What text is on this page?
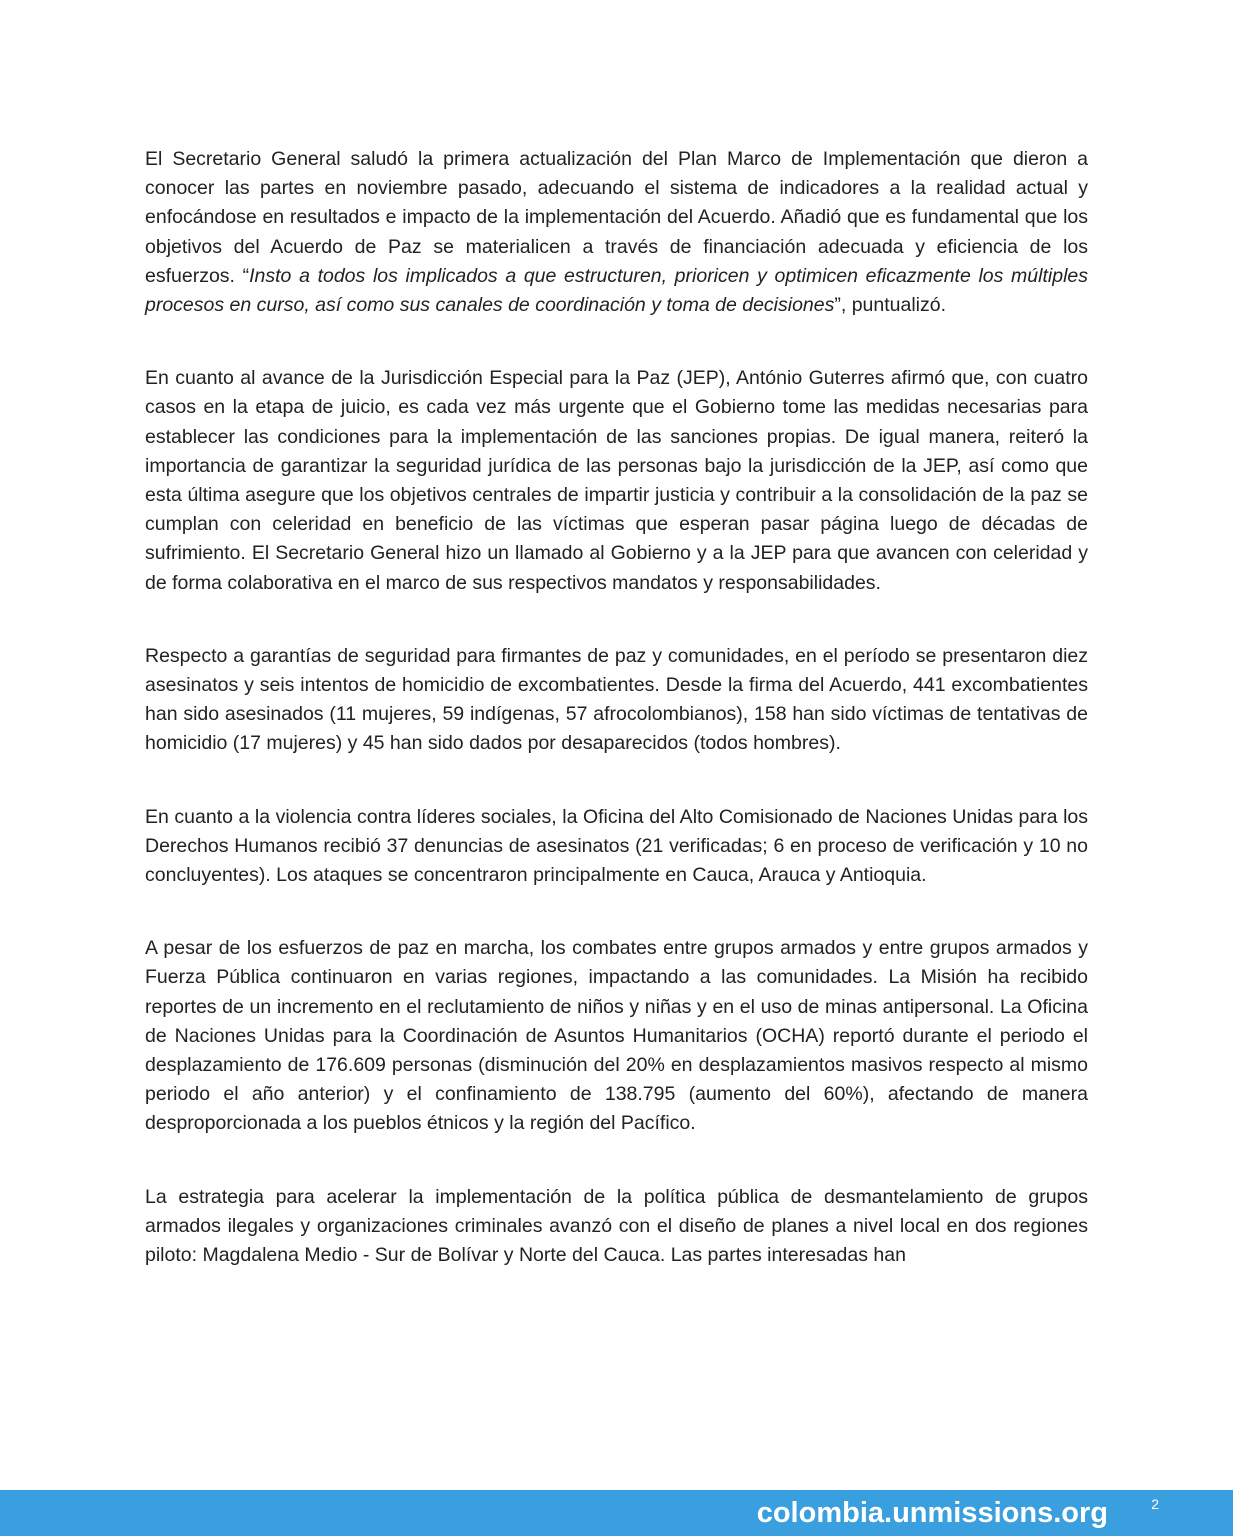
El Secretario General saludó la primera actualización del Plan Marco de Implementación que dieron a conocer las partes en noviembre pasado, adecuando el sistema de indicadores a la realidad actual y enfocándose en resultados e impacto de la implementación del Acuerdo. Añadió que es fundamental que los objetivos del Acuerdo de Paz se materialicen a través de financiación adecuada y eficiencia de los esfuerzos. “Insto a todos los implicados a que estructuren, prioricen y optimicen eficazmente los múltiples procesos en curso, así como sus canales de coordinación y toma de decisiones”, puntualizó.

En cuanto al avance de la Jurisdicción Especial para la Paz (JEP), António Guterres afirmó que, con cuatro casos en la etapa de juicio, es cada vez más urgente que el Gobierno tome las medidas necesarias para establecer las condiciones para la implementación de las sanciones propias. De igual manera, reiteró la importancia de garantizar la seguridad jurídica de las personas bajo la jurisdicción de la JEP, así como que esta última asegure que los objetivos centrales de impartir justicia y contribuir a la consolidación de la paz se cumplan con celeridad en beneficio de las víctimas que esperan pasar página luego de décadas de sufrimiento. El Secretario General hizo un llamado al Gobierno y a la JEP para que avancen con celeridad y de forma colaborativa en el marco de sus respectivos mandatos y responsabilidades.

Respecto a garantías de seguridad para firmantes de paz y comunidades, en el período se presentaron diez asesinatos y seis intentos de homicidio de excombatientes. Desde la firma del Acuerdo, 441 excombatientes han sido asesinados (11 mujeres, 59 indígenas, 57 afrocolombianos), 158 han sido víctimas de tentativas de homicidio (17 mujeres) y 45 han sido dados por desaparecidos (todos hombres).

En cuanto a la violencia contra líderes sociales, la Oficina del Alto Comisionado de Naciones Unidas para los Derechos Humanos recibió 37 denuncias de asesinatos (21 verificadas; 6 en proceso de verificación y 10 no concluyentes). Los ataques se concentraron principalmente en Cauca, Arauca y Antioquia.

A pesar de los esfuerzos de paz en marcha, los combates entre grupos armados y entre grupos armados y Fuerza Pública continuaron en varias regiones, impactando a las comunidades. La Misión ha recibido reportes de un incremento en el reclutamiento de niños y niñas y en el uso de minas antipersonal. La Oficina de Naciones Unidas para la Coordinación de Asuntos Humanitarios (OCHA) reportó durante el periodo el desplazamiento de 176.609 personas (disminución del 20% en desplazamientos masivos respecto al mismo periodo el año anterior) y el confinamiento de 138.795 (aumento del 60%), afectando de manera desproporcionada a los pueblos étnicos y la región del Pacífico.

La estrategia para acelerar la implementación de la política pública de desmantelamiento de grupos armados ilegales y organizaciones criminales avanzó con el diseño de planes a nivel local en dos regiones piloto: Magdalena Medio - Sur de Bolívar y Norte del Cauca. Las partes interesadas han

colombia.unmissions.org	2
